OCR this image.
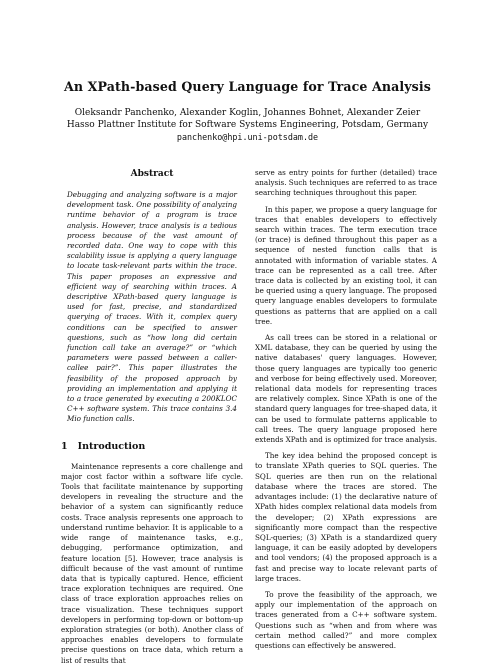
An XPath-based Query Language for Trace Analysis
Oleksandr Panchenko, Alexander Koglin, Johannes Bohnet, Alexander Zeier
Hasso Plattner Institute for Software Systems Engineering, Potsdam, Germany
panchenko@hpi.uni-potsdam.de
Abstract

Debugging and analyzing software is a major development task. One possibility of analyzing runtime behavior of a program is trace analysis. However, trace analysis is a tedious process because of the vast amount of recorded data. One way to cope with this scalability issue is applying a query language to locate task-relevant parts within the trace. This paper proposes an expressive and efficient way of searching within traces. A descriptive XPath-based query language is used for fast, precise, and standardized querying of traces. With it, complex query conditions can be specified to answer questions, such as “how long did certain function call take an average?” or “which parameters were passed between a caller-callee pair?”. This paper illustrates the feasibility of the proposed approach by providing an implementation and applying it to a trace generated by executing a 200KLOC C++ software system. This trace contains 3.4 Mio function calls.

1 Introduction

Maintenance represents a core challenge and major cost factor within a software life cycle. Tools that facilitate maintenance by supporting developers in revealing the structure and the behavior of a system can significantly reduce costs. Trace analysis represents one approach to understand runtime behavior. It is applicable to a wide range of maintenance tasks, e.g., debugging, performance optimization, and feature location [5]. However, trace analysis is difficult because of the vast amount of runtime data that is typically captured. Hence, efficient trace exploration techniques are required. One class of trace exploration approaches relies on trace visualization. These techniques support developers in performing top-down or bottom-up exploration strategies (or both). Another class of approaches enables developers to formulate precise questions on trace data, which return a list of results that

serve as entry points for further (detailed) trace analysis. Such techniques are referred to as trace searching techniques throughout this paper.

In this paper, we propose a query language for traces that enables developers to effectively search within traces. The term execution trace (or trace) is defined throughout this paper as a sequence of nested function calls that is annotated with information of variable states. A trace can be represented as a call tree. After trace data is collected by an existing tool, it can be queried using a query language. The proposed query language enables developers to formulate questions as patterns that are applied on a call tree.

As call trees can be stored in a relational or XML database, they can be queried by using the native databases' query languages. However, those query languages are typically too generic and verbose for being effectively used. Moreover, relational data models for representing traces are relatively complex. Since XPath is one of the standard query languages for tree-shaped data, it can be used to formulate patterns applicable to call trees. The query language proposed here extends XPath and is optimized for trace analysis.

The key idea behind the proposed concept is to translate XPath queries to SQL queries. The SQL queries are then run on the relational database where the traces are stored. The advantages include: (1) the declarative nature of XPath hides complex relational data models from the developer; (2) XPath expressions are significantly more compact than the respective SQL-queries; (3) XPath is a standardized query language, it can be easily adopted by developers and tool vendors; (4) the proposed approach is a fast and precise way to locate relevant parts of large traces.

To prove the feasibility of the approach, we apply our implementation of the approach on traces generated from a C++ software system. Questions such as “when and from where was certain method called?” and more complex questions can effectively be answered.
